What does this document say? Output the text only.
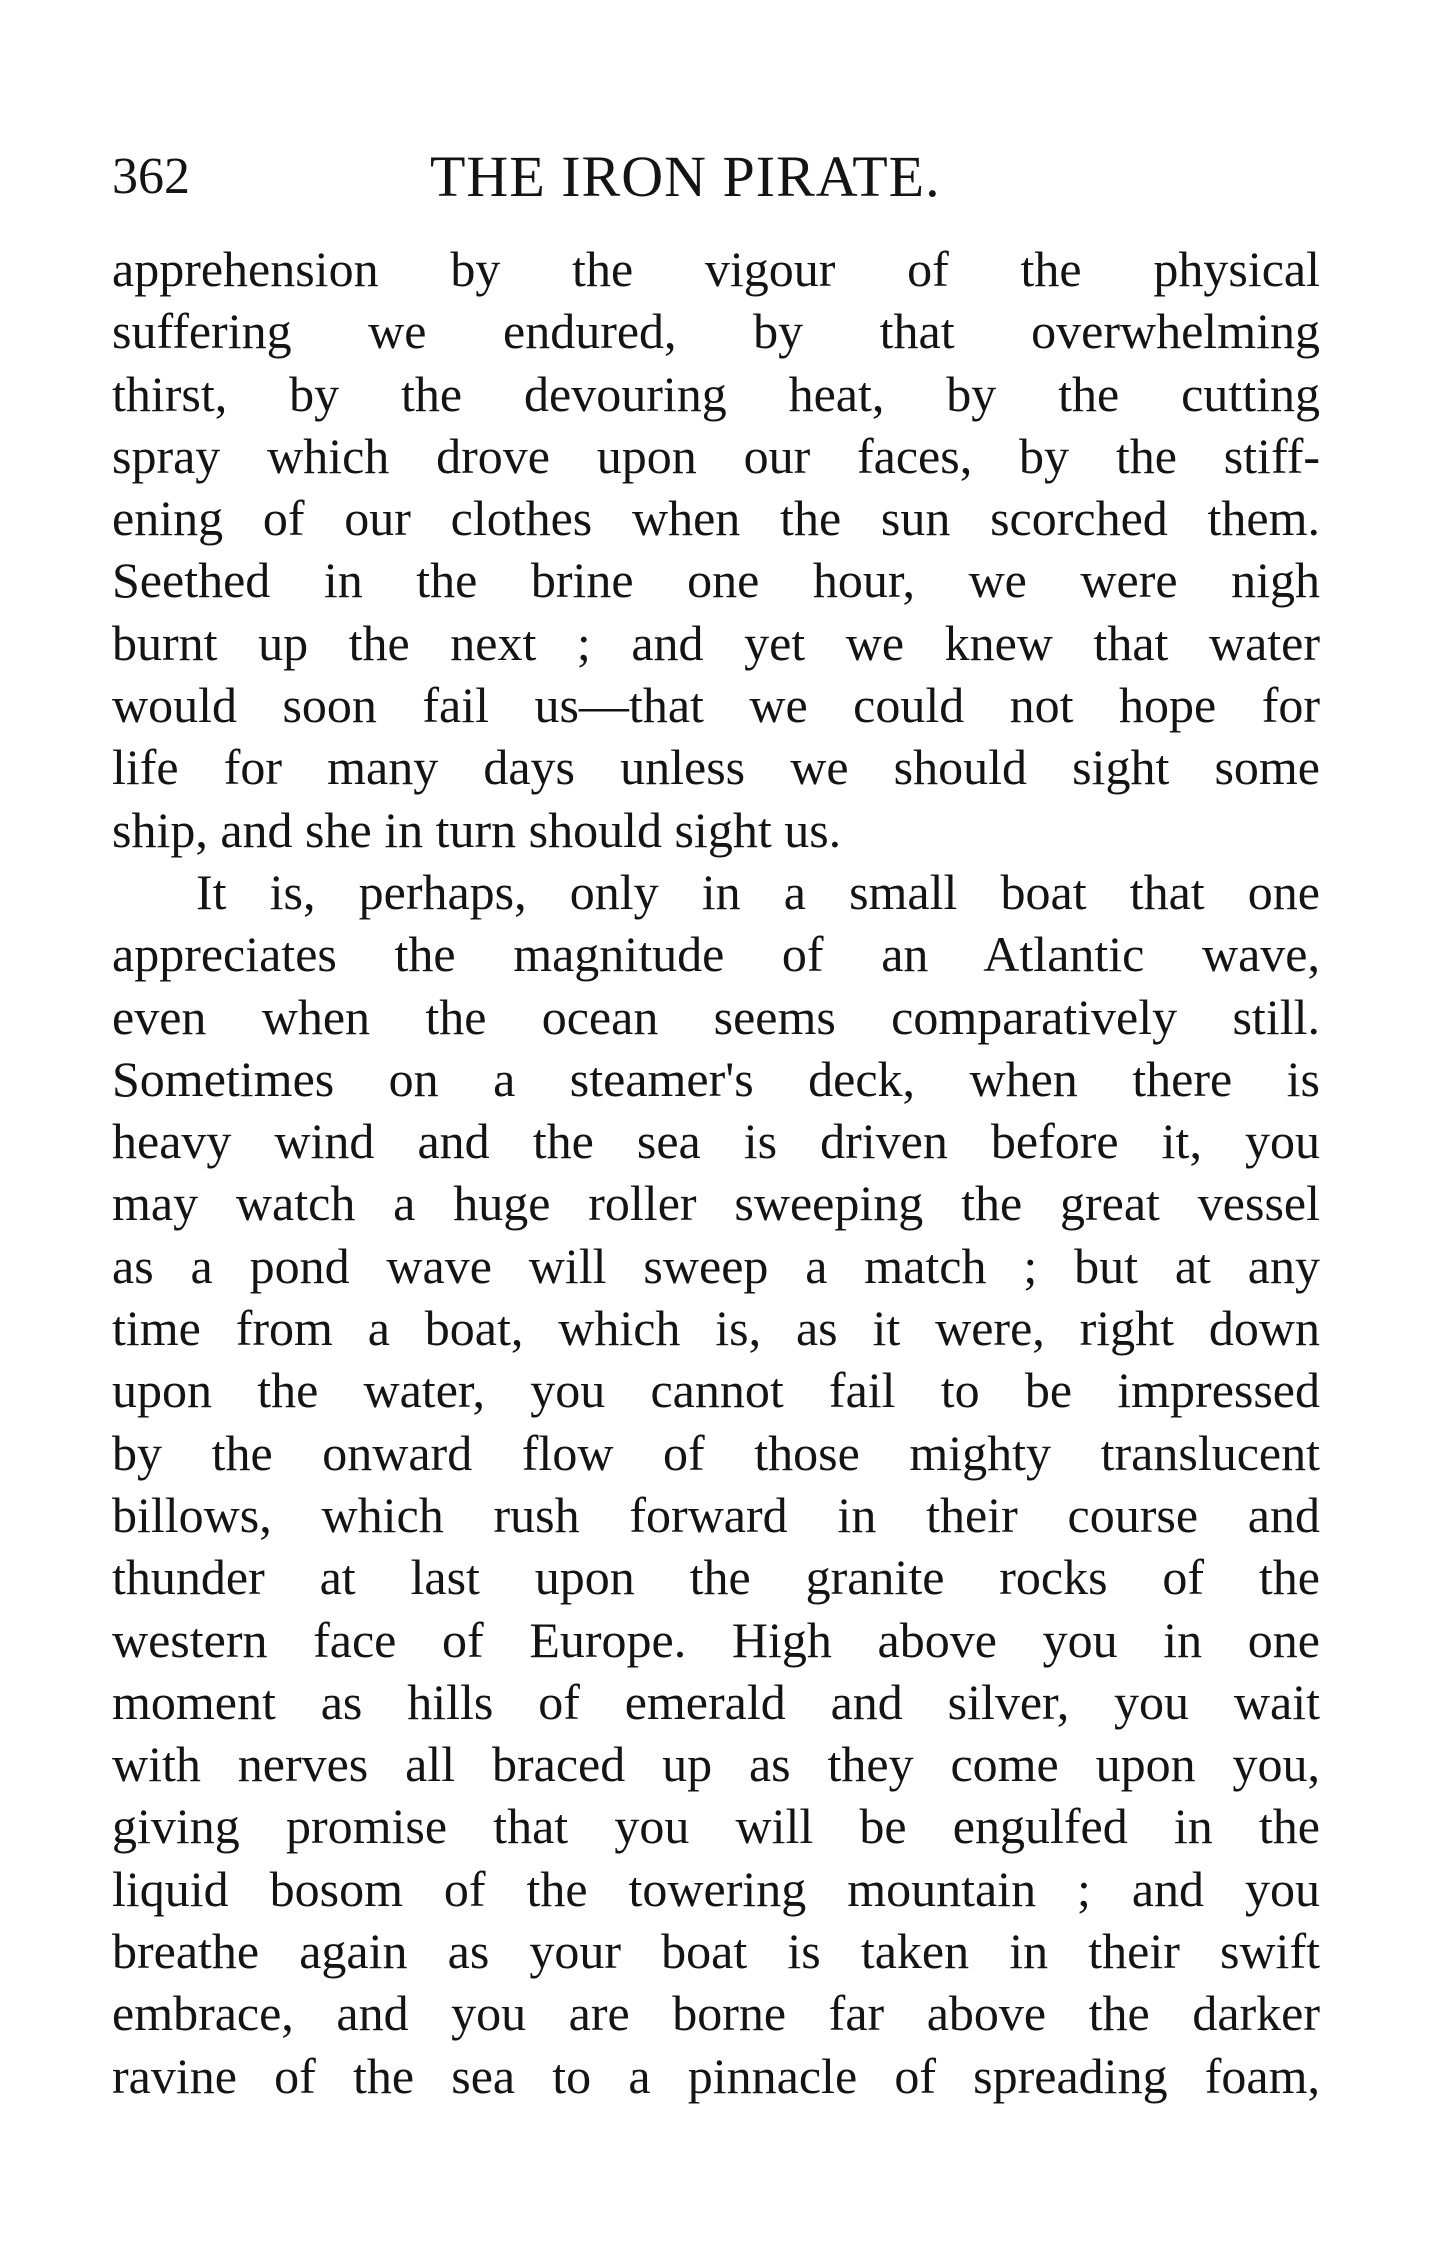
362	THE IRON PIRATE.
apprehension by the vigour of the physical
suffering we endured, by that overwhelming
thirst, by the devouring heat, by the cutting
spray which drove upon our faces, by the stiff-
ening of our clothes when the sun scorched them.
Seethed in the brine one hour, we were nigh
burnt up the next ; and yet we knew that water
would soon fail us—that we could not hope for
life for many days unless we should sight some
ship, and she in turn should sight us.
It is, perhaps, only in a small boat that one
appreciates the magnitude of an Atlantic wave,
even when the ocean seems comparatively still.
Sometimes on a steamer's deck, when there is
heavy wind and the sea is driven before it, you
may watch a huge roller sweeping the great vessel
as a pond wave will sweep a match ; but at any
time from a boat, which is, as it were, right down
upon the water, you cannot fail to be impressed
by the onward flow of those mighty translucent
billows, which rush forward in their course and
thunder at last upon the granite rocks of the
western face of Europe. High above you in one
moment as hills of emerald and silver, you wait
with nerves all braced up as they come upon you,
giving promise that you will be engulfed in the
liquid bosom of the towering mountain ; and you
breathe again as your boat is taken in their swift
embrace, and you are borne far above the darker
ravine of the sea to a pinnacle of spreading foam,
